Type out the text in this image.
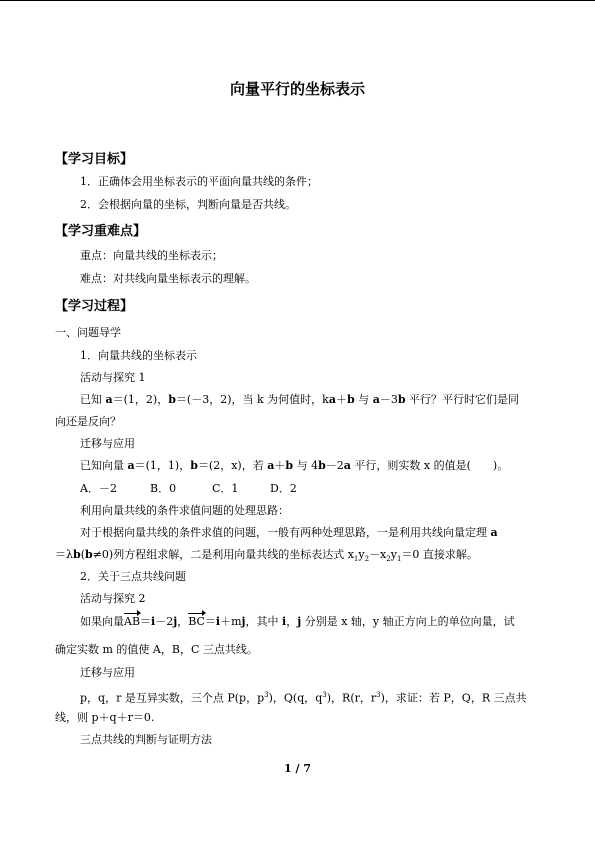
向量平行的坐标表示
【学习目标】
1．正确体会用坐标表示的平面向量共线的条件；
2．会根据向量的坐标，判断向量是否共线。
【学习重难点】
重点：向量共线的坐标表示；
难点：对共线向量坐标表示的理解。
【学习过程】
一、问题导学
1．向量共线的坐标表示
活动与探究 1
已知 a＝(1，2)，b＝(－3，2)，当 k 为何值时，ka＋b 与 a－3b 平行？平行时它们是同
向还是反向？
迁移与应用
已知向量 a＝(1，1)，b＝(2，x)，若 a＋b 与 4b－2a 平行，则实数 x 的值是(　　)。
A．－2	B．0	C．1	D．2
利用向量共线的条件求值问题的处理思路：
对于根据向量共线的条件求值的问题，一般有两种处理思路，一是利用共线向量定理 a
＝λb(b≠0)列方程组求解，二是利用向量共线的坐标表达式 $x_1y_2-x_2y_1=0$ 直接求解。
2．关于三点共线问题
活动与探究 2
如果向量AB＝i－2j，BC＝i＋mj，其中 i，j 分别是 x 轴，y 轴正方向上的单位向量，试
确定实数 m 的值使 A，B，C 三点共线。
迁移与应用
p，q，r 是互异实数，三个点 P(p，$p^3$)，Q(q，$q^3$)，R(r，$r^3$)，求证：若 P，Q，R 三点共
线，则 p＋q＋r＝0.
三点共线的判断与证明方法
1 / 7
